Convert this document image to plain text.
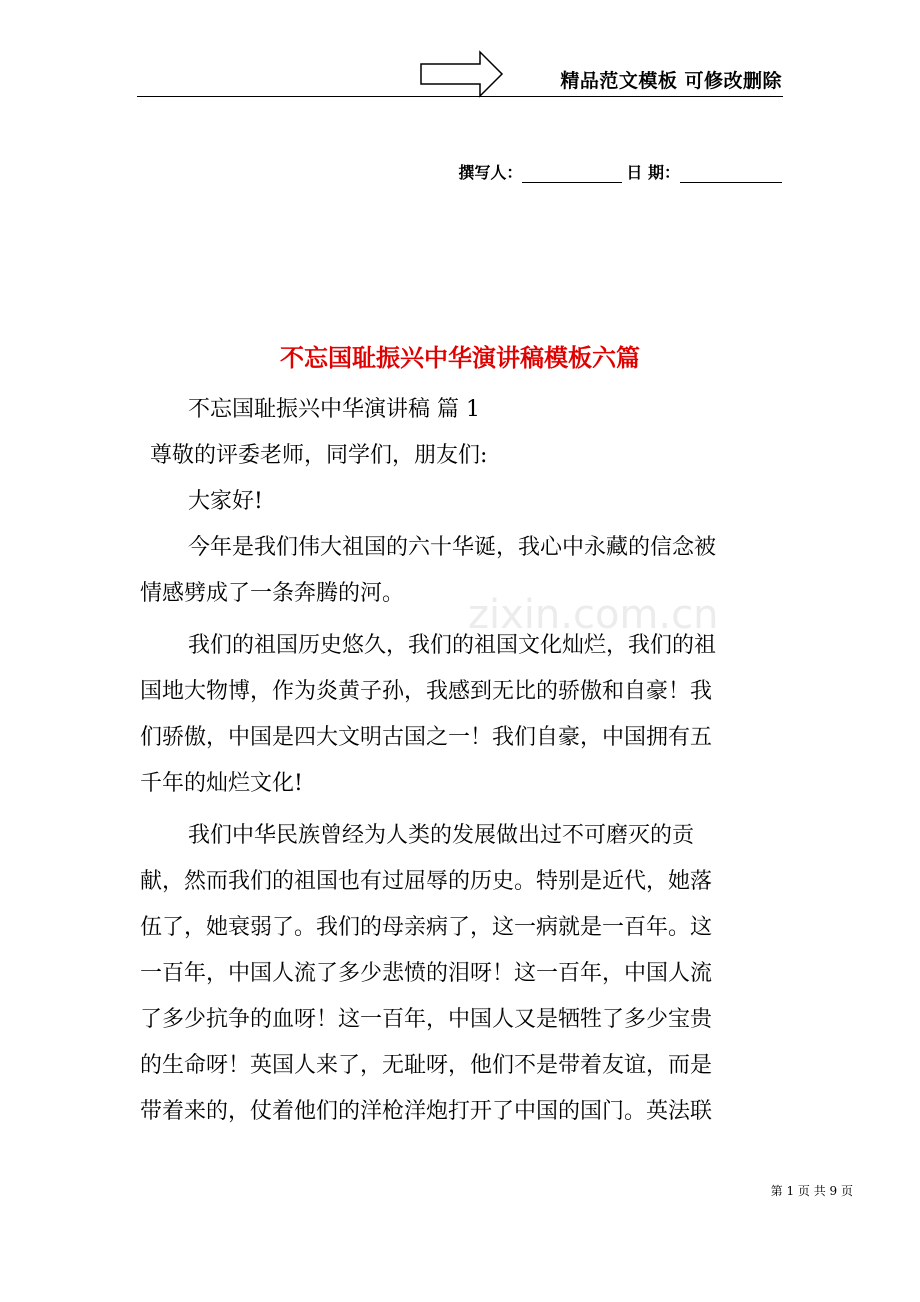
zixin.com.cn
精品范文模板 可修改删除
撰写人：	日 期：
不忘国耻振兴中华演讲稿模板六篇
不忘国耻振兴中华演讲稿 篇 1
尊敬的评委老师，同学们，朋友们:
大家好!
今年是我们伟大祖国的六十华诞，我心中永藏的信念被
情感劈成了一条奔腾的河。
我们的祖国历史悠久，我们的祖国文化灿烂，我们的祖
国地大物博，作为炎黄子孙，我感到无比的骄傲和自豪！我
们骄傲，中国是四大文明古国之一！我们自豪，中国拥有五
千年的灿烂文化!
我们中华民族曾经为人类的发展做出过不可磨灭的贡
献，然而我们的祖国也有过屈辱的历史。特别是近代，她落
伍了，她衰弱了。我们的母亲病了，这一病就是一百年。这
一百年，中国人流了多少悲愤的泪呀！这一百年，中国人流
了多少抗争的血呀！这一百年，中国人又是牺牲了多少宝贵
的生命呀！英国人来了，无耻呀，他们不是带着友谊，而是
带着来的，仗着他们的洋枪洋炮打开了中国的国门。英法联
第 1 页 共 9 页
